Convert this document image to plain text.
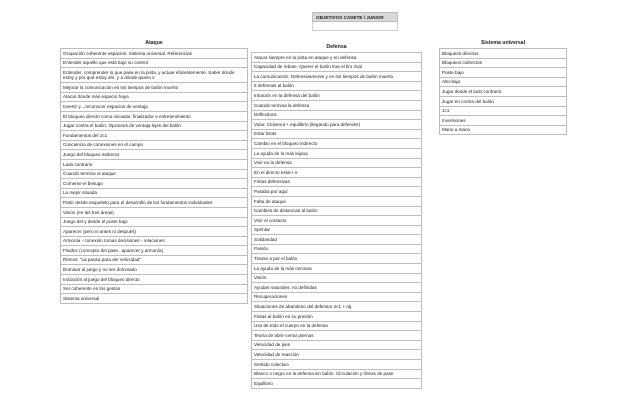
OBJETIVOS CADETE / JUNIOR
Ataque
Ocupación coherente espacios. Sistema universal. Referencias
Entender aquello que está bajo su control
Entender, comprender lo que pasa en la pista, y actuar eficientemente. Saber dónde estoy y por qué estoy ahí, y a dónde quiero ir
Mejorar la comunicación en los tiempos de balón muerto
Atacar dónde más espacio haya
Invertir y....reconocer espacios de ventaja
El bloqueo directo como iniciador, finalizador o entretenimiento
Jugar contra el balón. Opciones de ventaja lejos del balón
Fundamentos del 1c1
Conciencia de conexiones en el campo
Juego del bloqueo indirecto
Lado contrario
Cuando termina el ataque
Comerse el besugo
La mejor situada
Partir desde esqueleto para el desarrollo de los fundamentos individuales
Visión (en las tres áreas)
Juego del y desde el poste bajo
Aparecer (pero ni antes ni después)
Armonía - conexión tomas decisiones - relaciones
Fluidez (concepto del pase...aparecer y armonía)
Ritmos: "La pausa para der velocidad"
Dominar al juego y no ser dominado
Iniciación al juego del bloqueo directo
Ser coherente en los gestos
Sistema universal
Defensa
Atacar siempre en la pista en ataque y en defensa
Capacidad de rebote. Querer el balón tras el tiro rival
La comunicación. Defensivamente y en los tiempos de balón muerto
5 defensas al balón
Intuición en la defensa del balón
Cuando termina la defensa
Deflections
Volar. Closeout + equilibrio (llegando para defender)
Estar listas
Cambio en el bloqueo indirecto
La ayuda de la más lejana
Vivir en la defensa
En el directo estar+ ir
Fintas defensivas
Pasaba por aquí
Falta de ataque
Cambios de distancias al balón
Vivir el contacto
Sprintar
Solidaridad
Pasión
Tirarse a por el balón
La ayuda de la más cercana
Visión
Ayudas naturales, no definidas
Recuperaciones
Situaciones de abandono del defensor 2c1 + ráj
Fintas al balón en su presión
Uso de todo el cuerpo en la defensa
Teoría de abrir-cerrar piernas
Velocidad de pies
Velocidad de reacción
Sentido colectivo
Blanco o negro en la defensa sin balón. Circulación y líneas de pase
Equilibrio
Sistema universal
Bloqueos directos
Bloqueos indirectos
Poste bajo
Alto-bajo
Jugar desde el lado contrario
Jugar en contra del balón
1c1
Inversiones
Mano a mano
